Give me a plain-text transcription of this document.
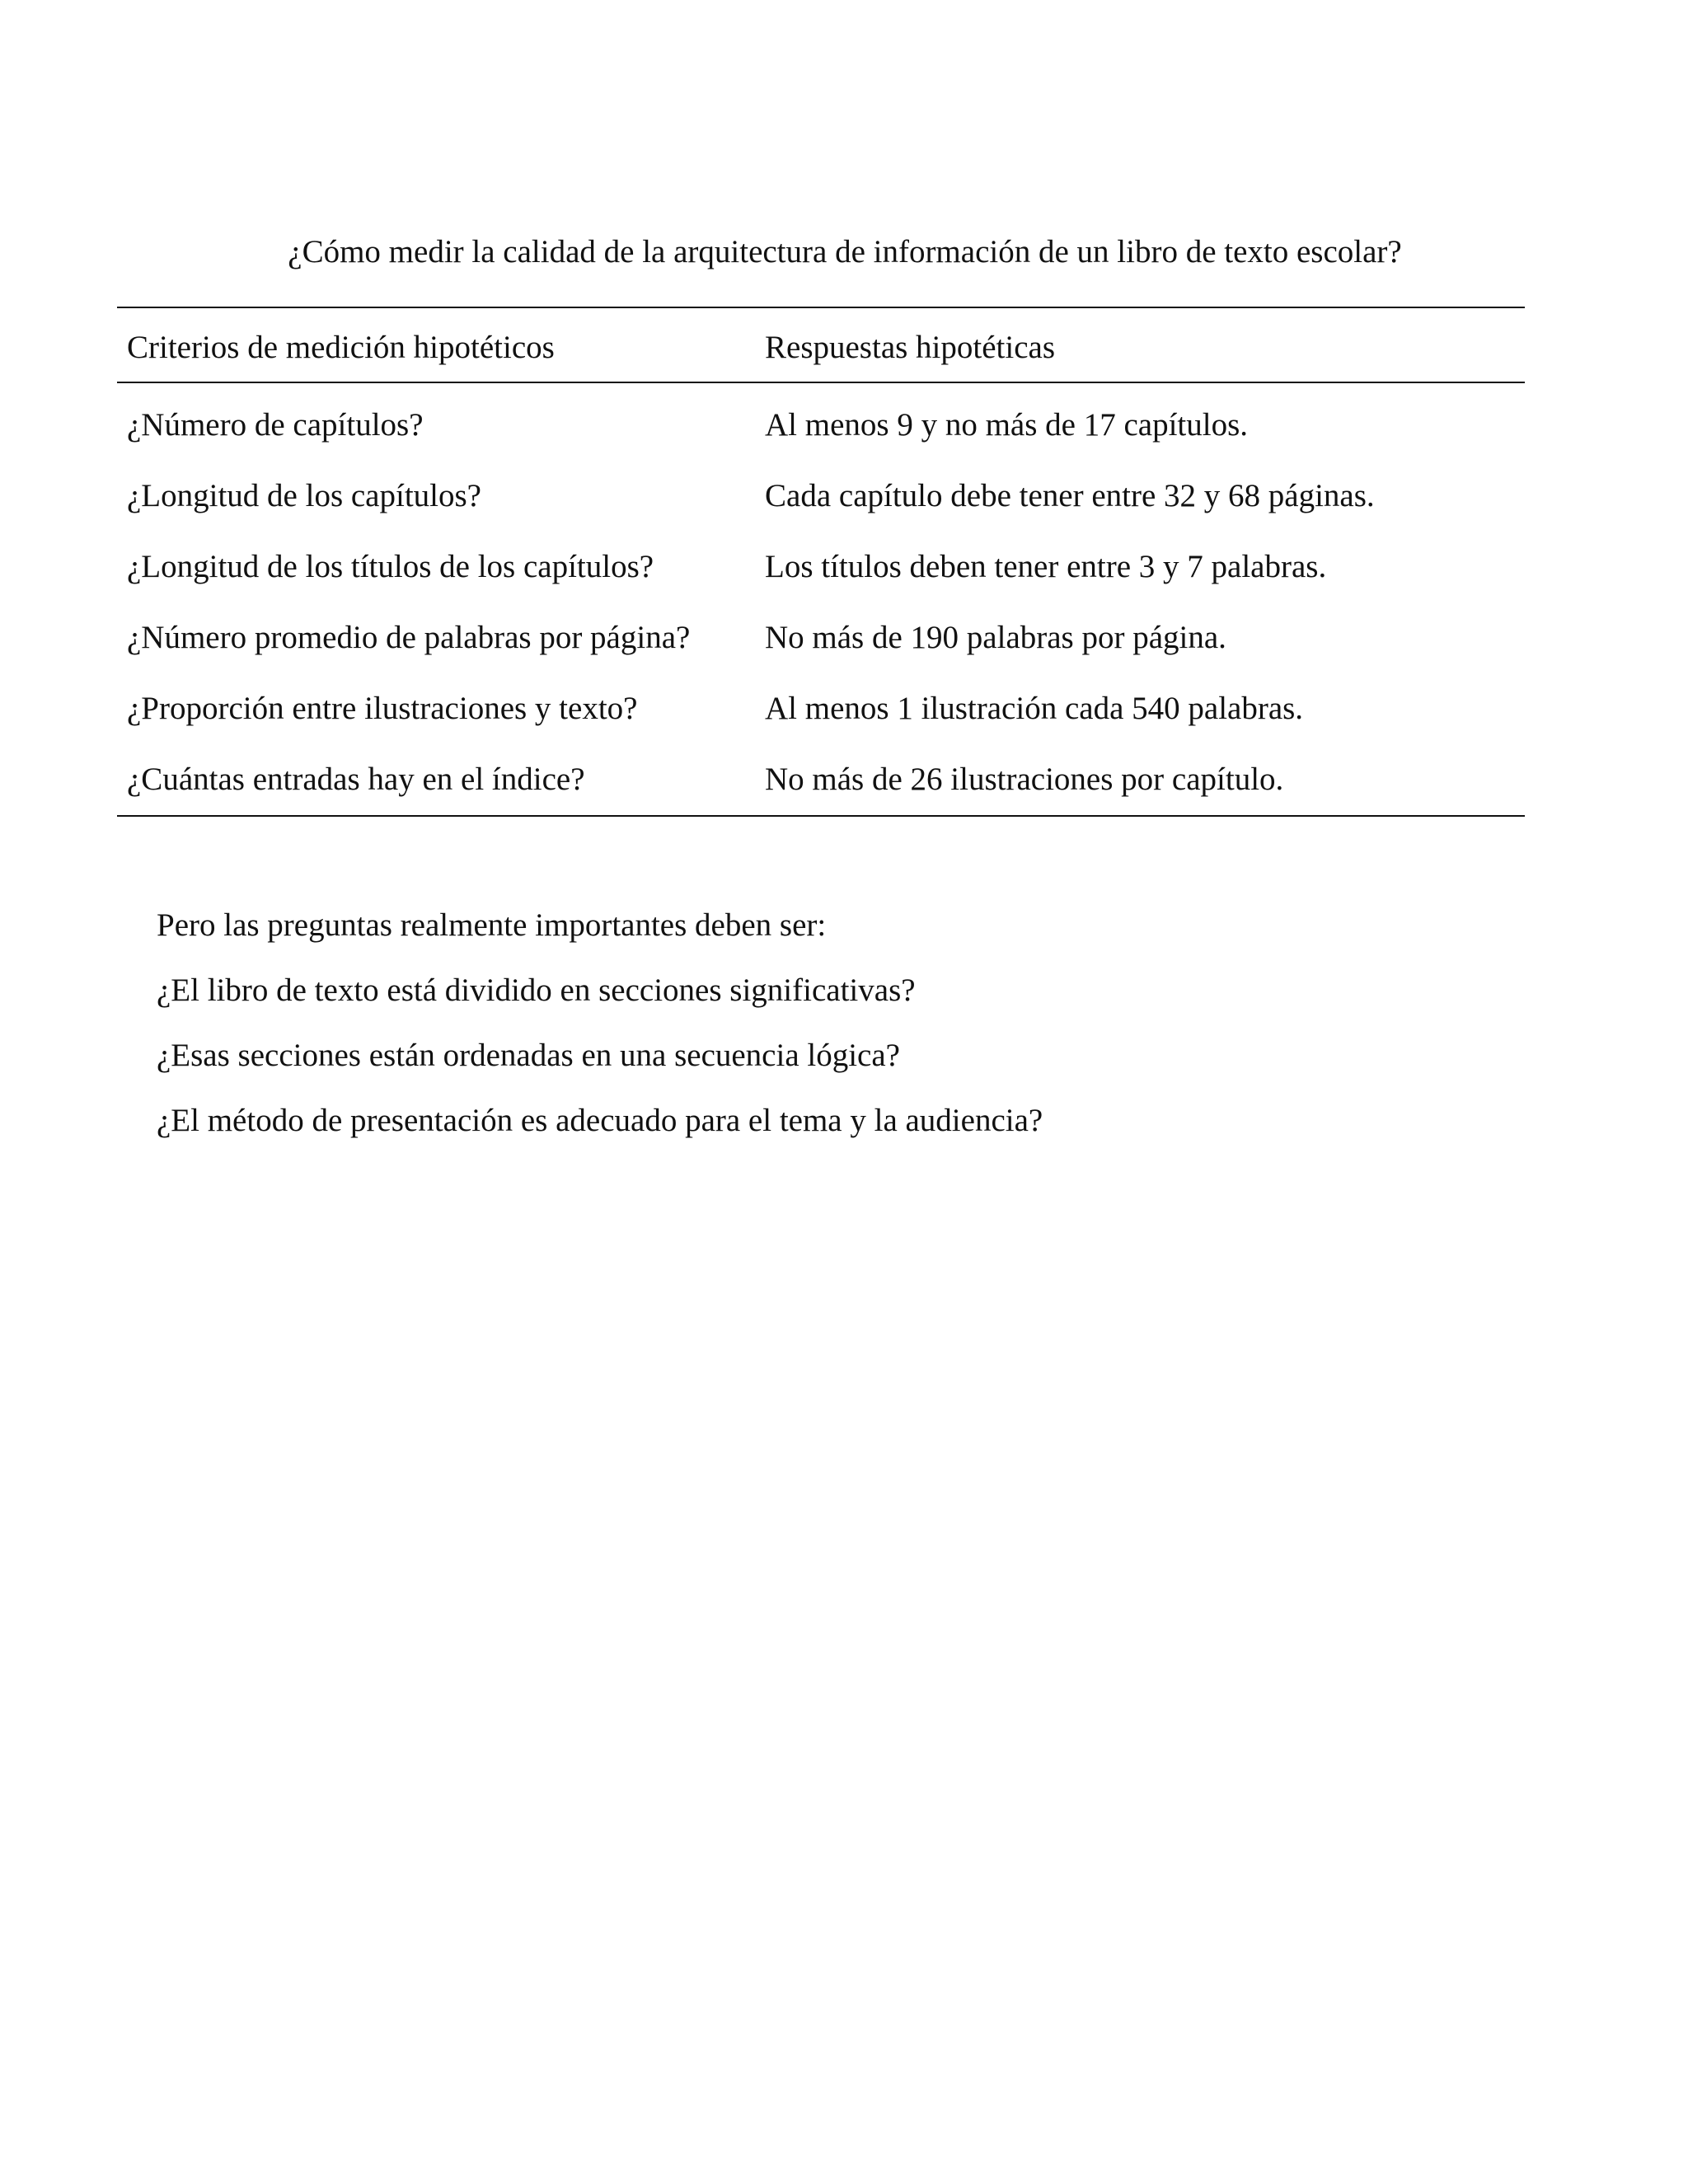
¿Cómo medir la calidad de la arquitectura de información de un libro de texto escolar?
Criterios de medición hipotéticos	Respuestas hipotéticas
¿Número de capítulos?	Al menos 9 y no más de 17 capítulos.
¿Longitud de los capítulos?	Cada capítulo debe tener entre 32 y 68 páginas.
¿Longitud de los títulos de los capítulos?	Los títulos deben tener entre 3 y 7 palabras.
¿Número promedio de palabras por página?	No más de 190 palabras por página.
¿Proporción entre ilustraciones y texto?	Al menos 1 ilustración cada 540 palabras.
¿Cuántas entradas hay en el índice?	No más de 26 ilustraciones por capítulo.

Pero las preguntas realmente importantes deben ser:

¿El libro de texto está dividido en secciones significativas?

¿Esas secciones están ordenadas en una secuencia lógica?

¿El método de presentación es adecuado para el tema y la audiencia?
